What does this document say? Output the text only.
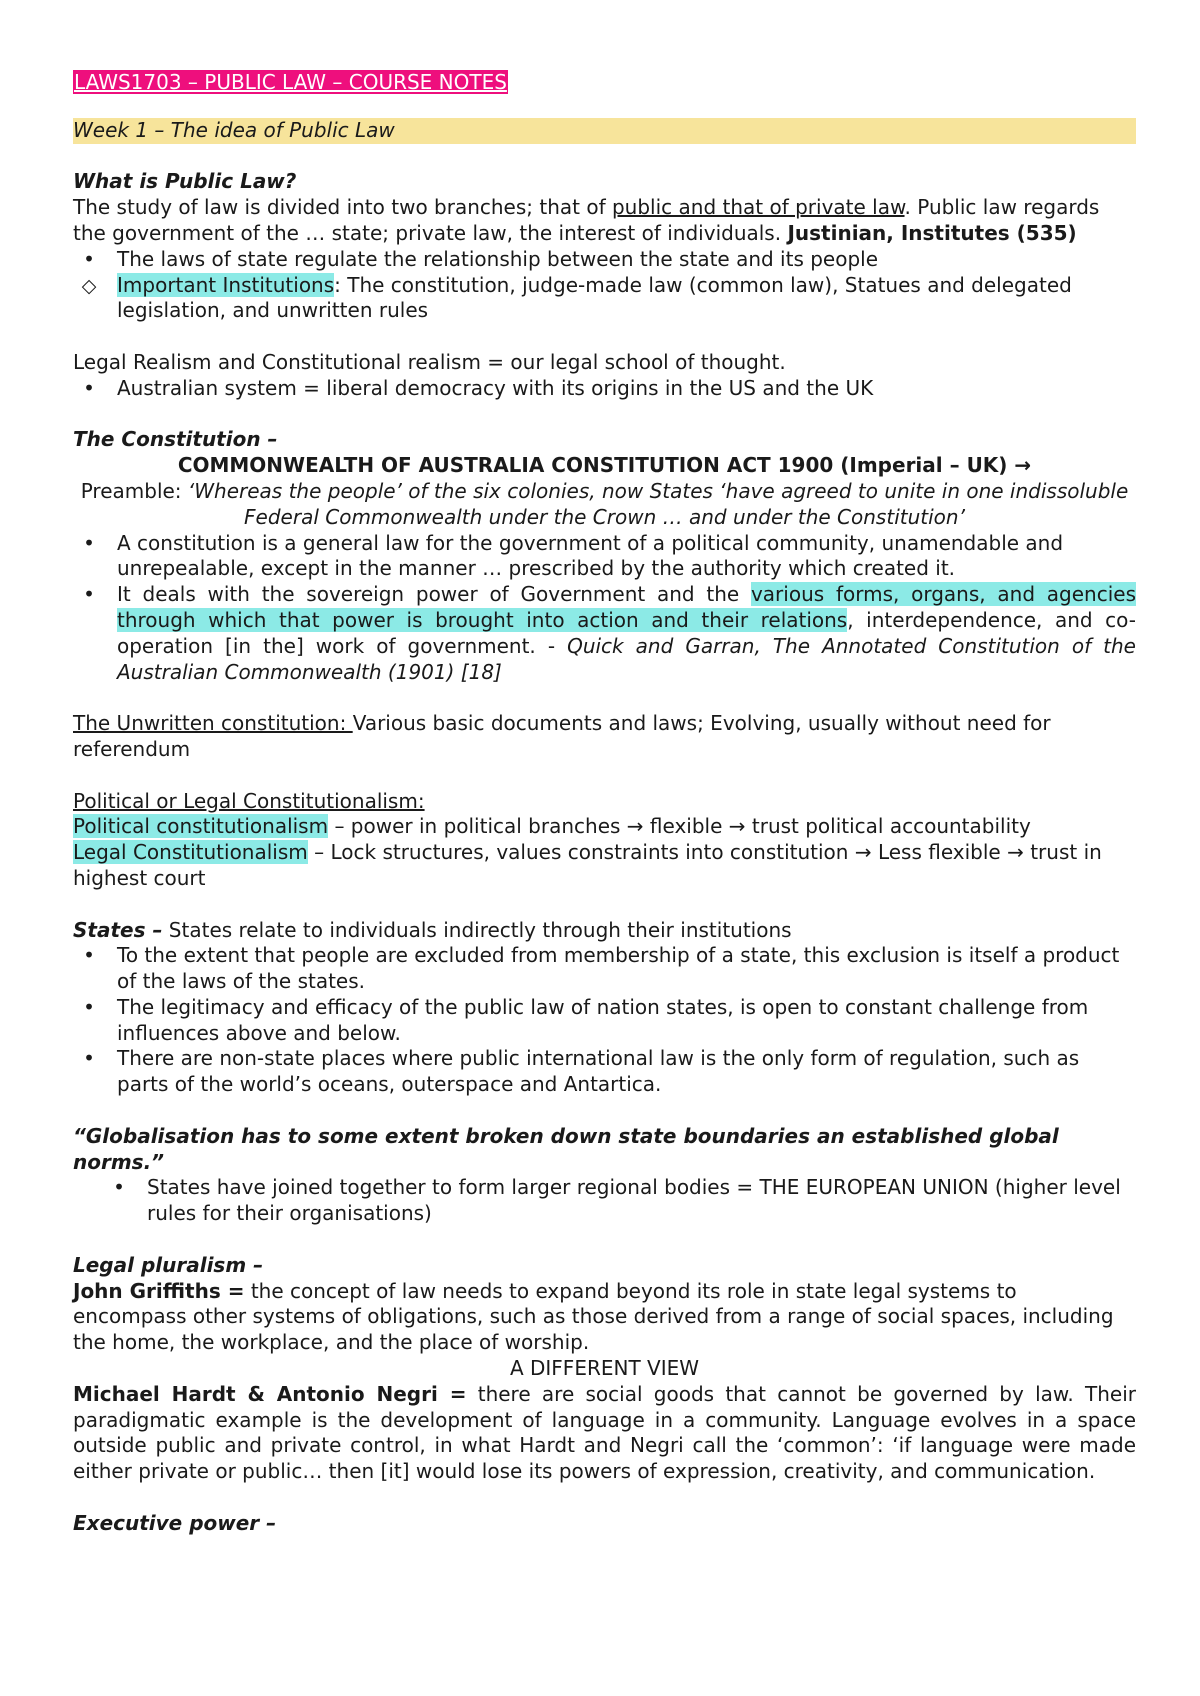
LAWS1703 – PUBLIC LAW – COURSE NOTES

Week 1 – The idea of Public Law

What is Public Law?

The study of law is divided into two branches; that of public and that of private law. Public law regards the government of the … state; private law, the interest of individuals. Justinian, Institutes (535)

•
The laws of state regulate the relationship between the state and its people
◇
Important Institutions: The constitution, judge-made law (common law), Statues and delegated legislation, and unwritten rules

Legal Realism and Constitutional realism = our legal school of thought.

•
Australian system = liberal democracy with its origins in the US and the UK

The Constitution –

COMMONWEALTH OF AUSTRALIA CONSTITUTION ACT 1900 (Imperial – UK) →

Preamble: ‘Whereas the people’ of the six colonies, now States ‘have agreed to unite in one indissoluble Federal Commonwealth under the Crown … and under the Constitution’

•
A constitution is a general law for the government of a political community, unamendable and unrepealable, except in the manner … prescribed by the authority which created it.
•
It deals with the sovereign power of Government and the various forms, organs, and agencies through which that power is brought into action and their relations, interdependence, and co-operation [in the] work of government. - Quick and Garran, The Annotated Constitution of the Australian Commonwealth (1901) [18]

The Unwritten constitution: Various basic documents and laws; Evolving, usually without need for referendum

Political or Legal Constitutionalism:

Political constitutionalism – power in political branches → flexible → trust political accountability

Legal Constitutionalism – Lock structures, values constraints into constitution → Less flexible → trust in highest court

States – States relate to individuals indirectly through their institutions

•
To the extent that people are excluded from membership of a state, this exclusion is itself a product of the laws of the states.
•
The legitimacy and efficacy of the public law of nation states, is open to constant challenge from influences above and below.
•
There are non-state places where public international law is the only form of regulation, such as parts of the world’s oceans, outerspace and Antartica.

“Globalisation has to some extent broken down state boundaries an established global norms.”

•
States have joined together to form larger regional bodies = THE EUROPEAN UNION (higher level rules for their organisations)

Legal pluralism –

John Griffiths = the concept of law needs to expand beyond its role in state legal systems to encompass other systems of obligations, such as those derived from a range of social spaces, including the home, the workplace, and the place of worship.

A DIFFERENT VIEW

Michael Hardt & Antonio Negri = there are social goods that cannot be governed by law. Their paradigmatic example is the development of language in a community. Language evolves in a space outside public and private control, in what Hardt and Negri call the ‘common’: ‘if language were made either private or public… then [it] would lose its powers of expression, creativity, and communication.

Executive power –
